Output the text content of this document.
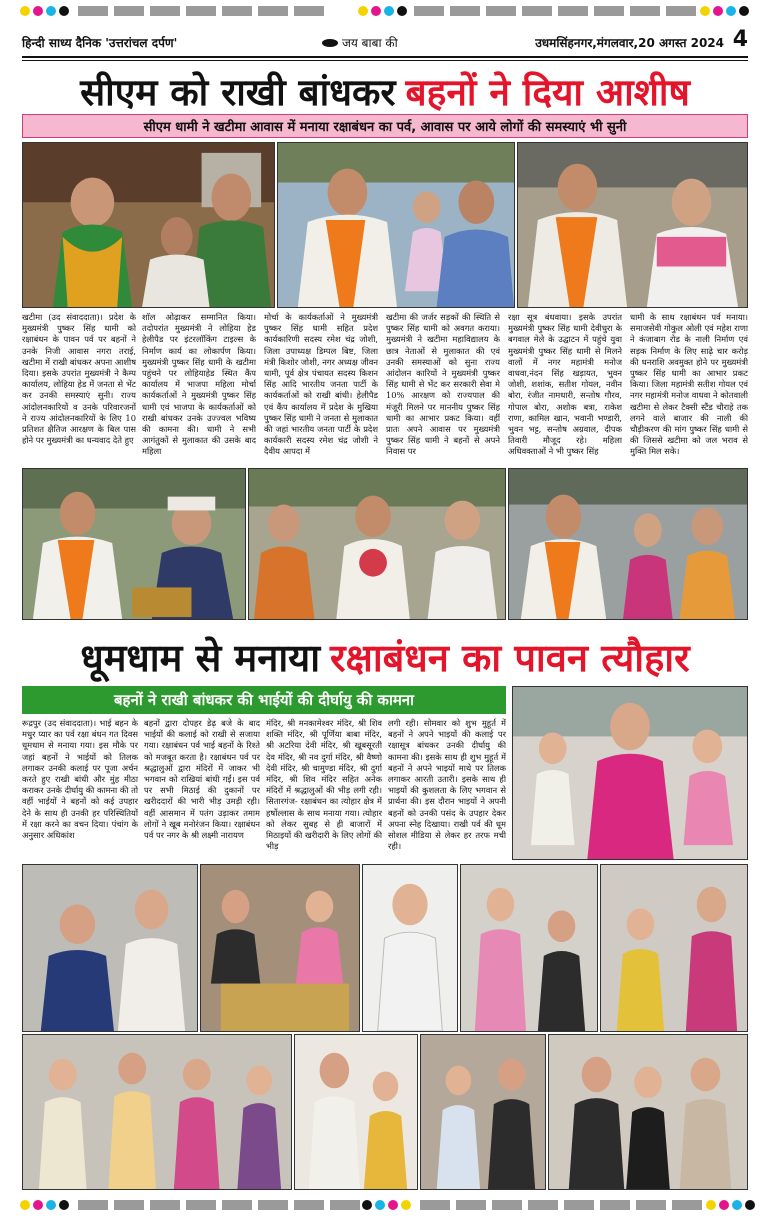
हिन्दी साध्य दैनिक 'उत्तरांचल दर्पण'	जय बाबा की	उधमसिंहनगर,मंगलवार,20 अगस्त 2024 4
सीएम को राखी बांधकर बहनों ने दिया आशीष
सीएम धामी ने खटीमा आवास में मनाया रक्षाबंधन का पर्व, आवास पर आये लोगों की समस्याएं भी सुनी
खटीमा (उद संवाददाता)। प्रदेश के मुख्यमंत्री पुष्कर सिंह धामी को रक्षाबंधन के पावन पर्व पर बहनों ने उनके निजी आवास नगरा तराई, खटीमा में राखी बांधकर अपना आशीष दिया। इसके उपरांत मुख्यमंत्री ने कैम्प कार्यालय, लोहिया हेड में जनता से भेंट कर उनकी समस्याएं सुनी। राज्य आंदोलनकारियों व उनके परिवारजनों ने राज्य आंदोलनकारियों के लिए 10 प्रतिशत क्षैतिज आरक्षण के बिल पास होने पर मुख्यमंत्री का धन्यवाद देते हुए
शॉल ओढ़ाकर सम्मानित किया। तदोपरांत मुख्यमंत्री ने लोहिया हेड हेलीपैड पर इंटरलॉकिंग टाइल्स के निर्माण कार्य का लोकार्पण किया। मुख्यमंत्री पुष्कर सिंह धामी के खटीमा पहुंचने पर लोहियाहेड स्थित कैंप कार्यालय में भाजपा महिला मोर्चा कार्यकर्ताओं ने मुख्यमंत्री पुष्कर सिंह धामी एवं भाजपा के कार्यकर्ताओं को राखी बांधकर उनके उज्ज्वल भविष्य की कामना की। धामी ने सभी आगंतुकों से मुलाकात की उसके बाद महिला
मोर्चा के कार्यकर्ताओं ने मुख्यमंत्री पुष्कर सिंह धामी सहित प्रदेश कार्यकारिणी सदस्य रमेश चंद्र जोशी, जिला उपाध्यक्ष डिम्पल बिष्ट, जिला मंत्री किशोर जोशी, नगर अध्यक्ष जीवन धामी, पूर्व क्षेत्र पंचायत सदस्य किशन सिंह आदि भारतीय जनता पार्टी के कार्यकर्ताओं को राखी बांधी। हेलीपैड एवं कैंप कार्यालय में प्रदेश के मुखिया पुष्कर सिंह धामी ने जनता से मुलाकात की जहां भारतीय जनता पार्टी के प्रदेश कार्यकारी सदस्य रमेश चंद्र जोशी ने दैवीय आपदा में
खटीमा की जर्जर सड़कों की स्थिति से पुष्कर सिंह धामी को अवगत कराया। मुख्यमंत्री ने खटीमा महाविद्यालय के छात्र नेताओं से मुलाकात की एवं उनकी समस्याओं को सुना राज्य आंदोलन कारियों ने मुख्यमंत्री पुष्कर सिंह धामी से भेंट कर सरकारी सेवा मे 10% आरक्षण को राज्यपाल की मंजूरी मिलने पर माननीय पुष्कर सिंह धामी का आभार प्रकट किया। वहीं प्रातः अपने आवास पर मुख्यमंत्री पुष्कर सिंह धामी ने बहनों से अपने निवास पर
रक्षा सूत्र बंधवाया। इसके उपरांत मुख्यमंत्री पुष्कर सिंह धामी देवीधुरा के बगवाल मेले के उद्घाटन में पहुंचे युवा मुख्यमंत्री पुष्कर सिंह धामी से मिलने वालों में नगर महामंत्री मनोज वाधवा,नंदन सिंह खड़ायत, भुवन जोशी, शशांक, सतीश गोयल, नवीन बोरा, रंजीत नामधारी, सन्तोष गौरव, गोपाल बोरा, अशोक बत्रा, राकेश राणा, कामिल खान, भवानी भण्डारी, भुवन भट्ट, सन्तोष अग्रवाल, दीपक तिवारी मौजूद रहे। महिला अधिवक्ताओं ने भी पुष्कर सिंह
धामी के साथ रक्षाबंधन पर्व मनाया। समाजसेवी गोकुल ओली एवं महेश राणा ने कंजाबाग रोड के नाली निर्माण एवं सड़क निर्माण के लिए साढ़े चार करोड़ की धनराशि अवमुक्त होने पर मुख्यमंत्री पुष्कर सिंह धामी का आभार प्रकट किया। जिला महामंत्री सतीश गोयल एवं नगर महामंत्री मनोज वाधवा ने कोतवाली खटीमा से लेकर टैक्सी स्टैंड चौराहे तक लगने वाले बाजार की नाली की चौड़ीकरण की मांग पुष्कर सिंह धामी से की जिससे खटीमा को जल भराव से मुक्ति मिल सके।
धूमधाम से मनाया रक्षाबंधन का पावन त्यौहार
बहनों ने राखी बांधकर की भाईयों की दीर्घायु की कामना
रूद्रपुर (उद संवाददाता)। भाई बहन के मधुर प्यार का पर्व रक्षा बंधन गत दिवस धूमधाम से मनाया गया। इस मौके पर जहां बहनों ने भाईयों को तिलक लगाकर उनकी कलाई पर पूजा अर्चन करते हुए राखी बांधी और मुंह मीठा कराकर उनके दीर्घायु की कामना की तो वहीं भाईयों ने बहनों को कई उपहार देने के साथ ही उनकी हर परिस्थितियों में रक्षा करने का वचन दिया। पंचांग के अनुसार अधिकांश
बहनों द्वारा दोपहर डेढ़ बजे के बाद भाईयों की कलाई को राखी से सजाया गया। रक्षाबंधन पर्व भाई बहनों के रिश्ते को मजबूत करता है। रक्षाबंधन पर्व पर श्रद्धालुओं द्वारा मंदिरों में जाकर भी भगवान को राखियां बांधी गईं। इस पर्व पर सभी मिठाई की दुकानों पर खरीददारों की भारी भीड़ उमड़ी रही। वहीं आसमान में पतंग उड़ाकर तमाम लोगों ने खूब मनोरंजन किया। रक्षाबंधन पर्व पर नगर के श्री लक्ष्मी नारायण
मंदिर, श्री मनकामेश्वर मंदिर, श्री शिव शक्ति मंदिर, श्री पूर्णिया बाबा मंदिर, श्री अटरिया देवी मंदिर, श्री खूबसूरती देव मंदिर, श्री नव दुर्गा मंदिर, श्री वैष्णो देवी मंदिर, श्री चामुण्डा मंदिर, श्री दुर्गा मंदिर, श्री शिव मंदिर सहित अनेक मंदिरों में श्रद्धालुओं की भीड़ लगी रही। सितारगंज- रक्षाबंधन का त्योहार क्षेत्र में हर्षोल्लास के साथ मनाया गया। त्योहार को लेकर सुबह से ही बाजारों में मिठाइयों की खरीदारी के लिए लोगों की भीड़
लगी रही। सोमवार को शुभ मुहूर्त में बहनों ने अपने भाइयों की कलाई पर रक्षासूत्र बांधकर उनकी दीर्घायु की कामना की। इसके साथ ही शुभ मुहूर्त में बहनों ने अपने भाइयों माथे पर तिलक लगाकर आरती उतारी। इसके साथ ही भाइयों की कुशलता के लिए भगवान से प्रार्थना की। इस दौरान भाइयों ने अपनी बहनों को उनकी पसंद के उपहार देकर अपना स्नेह दिखाया। राखी पर्व की धूम सोशल मीडिया से लेकर हर तरफ मची रही।
